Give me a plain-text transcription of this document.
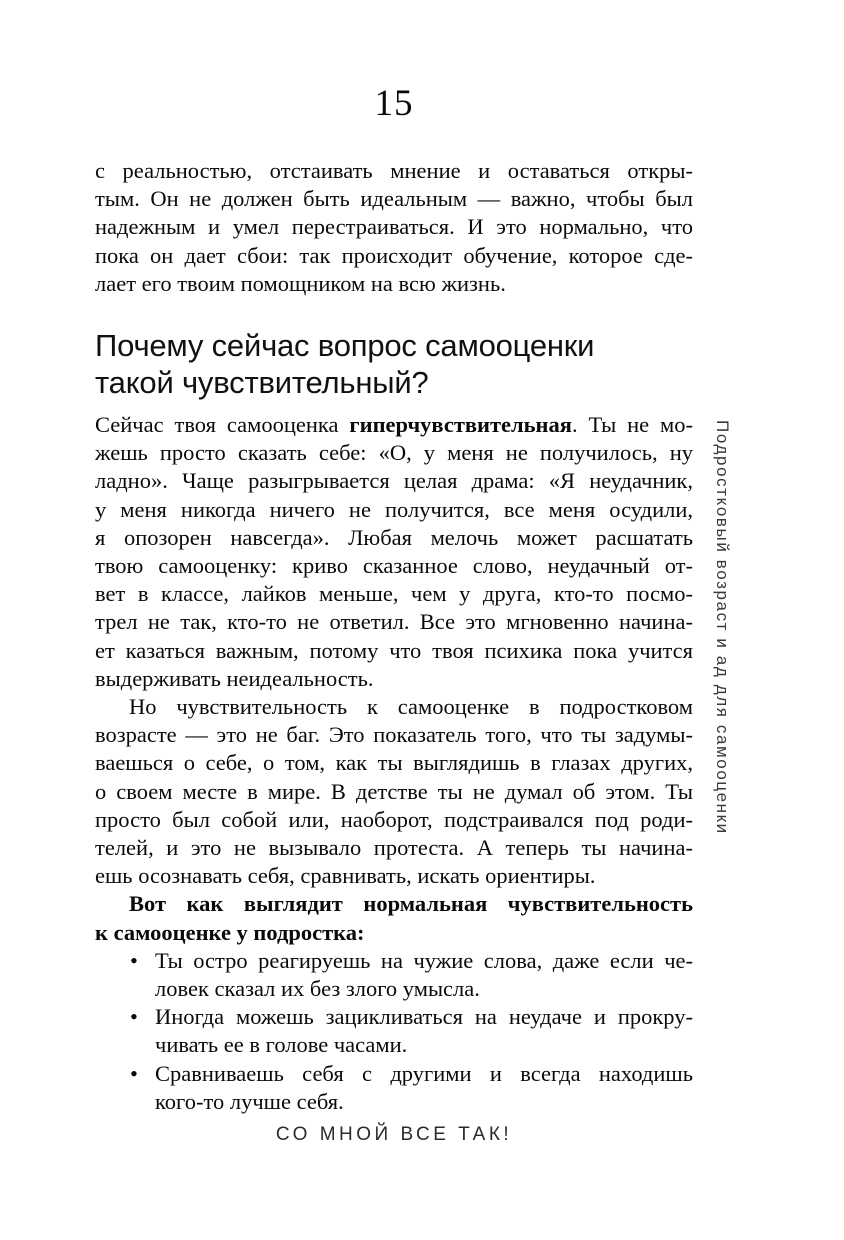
15
с реальностью, отстаивать мнение и оставаться откры-
тым. Он не должен быть идеальным — важно, чтобы был
надежным и умел перестраиваться. И это нормально, что
пока он дает сбои: так происходит обучение, которое сде-
лает его твоим помощником на всю жизнь.
Почему сейчас вопрос самооценки
такой чувствительный?
Сейчас твоя самооценка гиперчувствительная. Ты не мо-
жешь просто сказать себе: «О, у меня не получилось, ну
ладно». Чаще разыгрывается целая драма: «Я неудачник,
у меня никогда ничего не получится, все меня осудили,
я опозорен навсегда». Любая мелочь может расшатать
твою самооценку: криво сказанное слово, неудачный от-
вет в классе, лайков меньше, чем у друга, кто-то посмо-
трел не так, кто-то не ответил. Все это мгновенно начина-
ет казаться важным, потому что твоя психика пока учится
выдерживать неидеальность.
Но чувствительность к самооценке в подростковом
возрасте — это не баг. Это показатель того, что ты задумы-
ваешься о себе, о том, как ты выглядишь в глазах других,
о своем месте в мире. В детстве ты не думал об этом. Ты
просто был собой или, наоборот, подстраивался под роди-
телей, и это не вызывало протеста. А теперь ты начина-
ешь осознавать себя, сравнивать, искать ориентиры.
Вот как выглядит нормальная чувствительность
к самооценке у подростка:
• Ты остро реагируешь на чужие слова, даже если че-
ловек сказал их без злого умысла.
• Иногда можешь зацикливаться на неудаче и прокру-
чивать ее в голове часами.
• Сравниваешь себя с другими и всегда находишь
кого-то лучше себя.
Подростковый возраст и ад для самооценки
СО МНОЙ ВСЕ ТАК!
